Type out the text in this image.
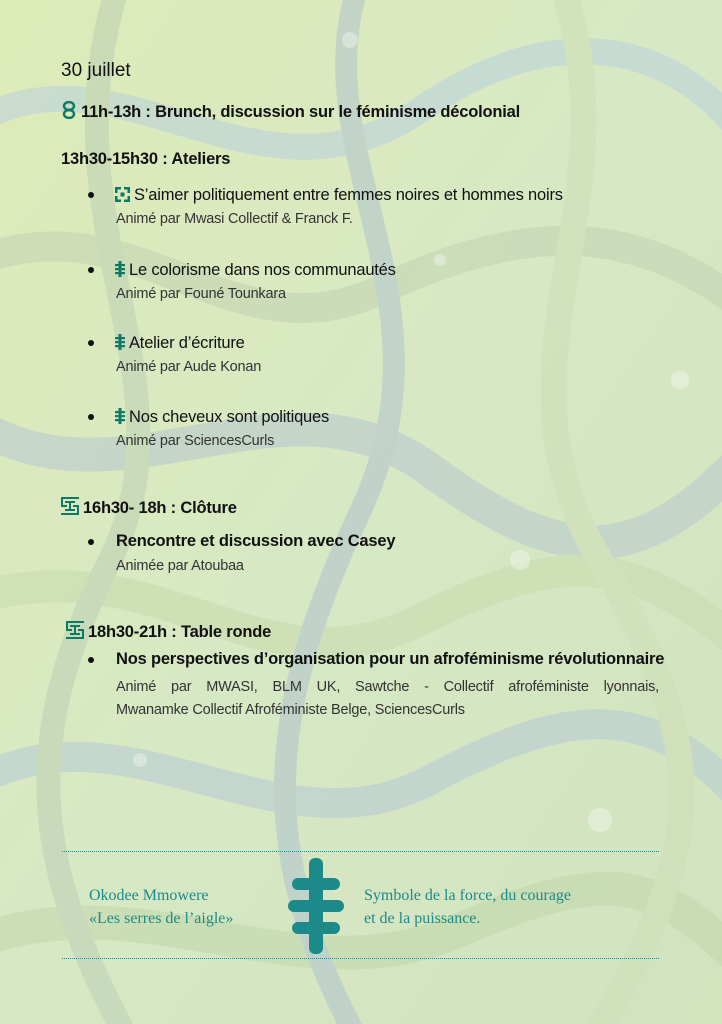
30 juillet
11h-13h : Brunch, discussion sur le féminisme décolonial
13h30-15h30 : Ateliers
S’aimer politiquement entre femmes noires et hommes noirs
Animé par Mwasi Collectif & Franck F.
Le colorisme dans nos communautés
Animé par Founé Tounkara
Atelier d’écriture
Animé par Aude Konan
Nos cheveux sont politiques
Animé par SciencesCurls
16h30- 18h : Clôture
Rencontre et discussion avec Casey
Animée par Atoubaa
18h30-21h : Table ronde
Nos perspectives d’organisation pour un afroféminisme révolutionnaire
Animé par MWASI, BLM UK, Sawtche - Collectif afroféministe lyonnais,
Mwanamke Collectif Afroféministe Belge, SciencesCurls
Okodee Mmowere
«Les serres de l’aigle»
Symbole de la force, du courage
et de la puissance.
